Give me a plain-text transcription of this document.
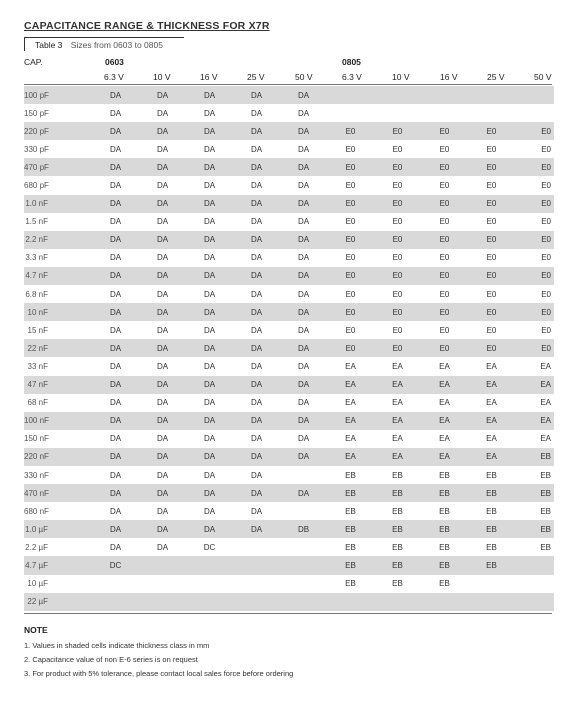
CAPACITANCE RANGE & THICKNESS FOR X7R
Table 3 Sizes from 0603 to 0805
CAP.	0603	0805
6.3 V	10 V	16 V	25 V	50 V	6.3 V	10 V	16 V	25 V	50 V
100 pF	DA	DA	DA	DA	DA					
150 pF	DA	DA	DA	DA	DA					
220 pF	DA	DA	DA	DA	DA	E0	E0	E0	E0	E0
330 pF	DA	DA	DA	DA	DA	E0	E0	E0	E0	E0
470 pF	DA	DA	DA	DA	DA	E0	E0	E0	E0	E0
680 pF	DA	DA	DA	DA	DA	E0	E0	E0	E0	E0
1.0 nF	DA	DA	DA	DA	DA	E0	E0	E0	E0	E0
1.5 nF	DA	DA	DA	DA	DA	E0	E0	E0	E0	E0
2.2 nF	DA	DA	DA	DA	DA	E0	E0	E0	E0	E0
3.3 nF	DA	DA	DA	DA	DA	E0	E0	E0	E0	E0
4.7 nF	DA	DA	DA	DA	DA	E0	E0	E0	E0	E0
6.8 nF	DA	DA	DA	DA	DA	E0	E0	E0	E0	E0
10 nF	DA	DA	DA	DA	DA	E0	E0	E0	E0	E0
15 nF	DA	DA	DA	DA	DA	E0	E0	E0	E0	E0
22 nF	DA	DA	DA	DA	DA	E0	E0	E0	E0	E0
33 nF	DA	DA	DA	DA	DA	EA	EA	EA	EA	EA
47 nF	DA	DA	DA	DA	DA	EA	EA	EA	EA	EA
68 nF	DA	DA	DA	DA	DA	EA	EA	EA	EA	EA
100 nF	DA	DA	DA	DA	DA	EA	EA	EA	EA	EA
150 nF	DA	DA	DA	DA	DA	EA	EA	EA	EA	EA
220 nF	DA	DA	DA	DA	DA	EA	EA	EA	EA	EB
330 nF	DA	DA	DA	DA		EB	EB	EB	EB	EB
470 nF	DA	DA	DA	DA	DA	EB	EB	EB	EB	EB
680 nF	DA	DA	DA	DA		EB	EB	EB	EB	EB
1.0 µF	DA	DA	DA	DA	DB	EB	EB	EB	EB	EB
2.2 µF	DA	DA	DC			EB	EB	EB	EB	EB
4.7 µF	DC					EB	EB	EB	EB	
10 µF						EB	EB	EB		
22 µF										
NOTE
1. Values in shaded cells indicate thickness class in mm
2. Capacitance value of non E-6 series is on request
3. For product with 5% tolerance, please contact local sales force before ordering
